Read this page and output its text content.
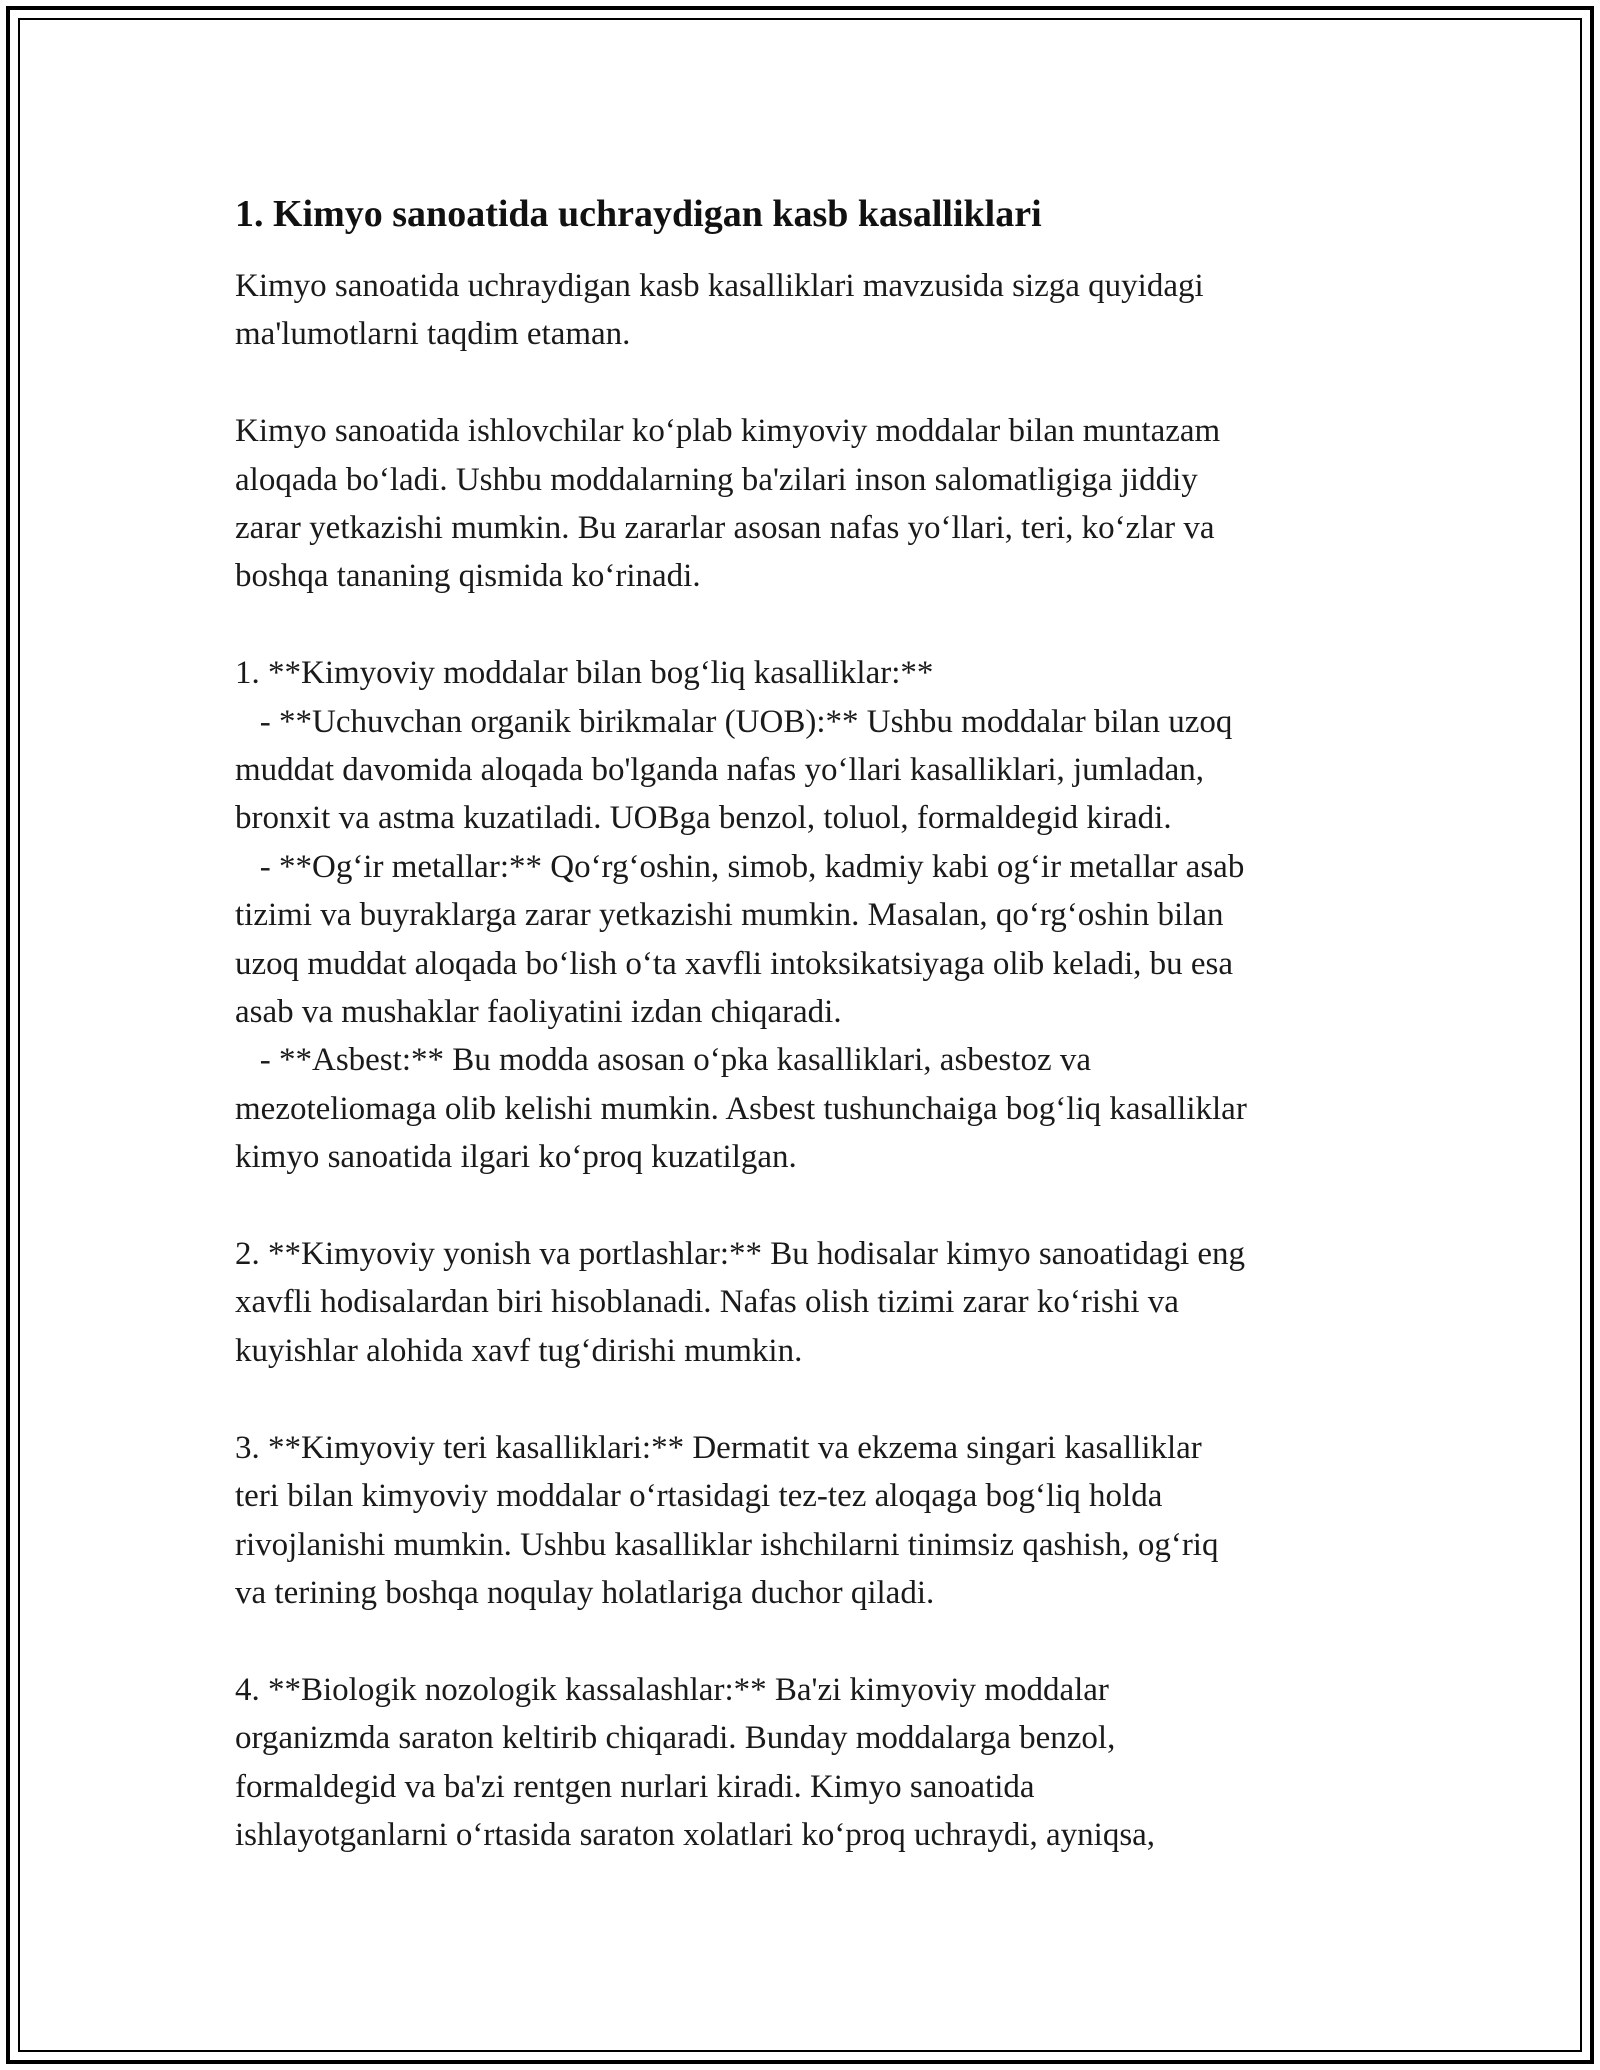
1. Kimyo sanoatida uchraydigan kasb kasalliklari

Kimyo sanoatida uchraydigan kasb kasalliklari mavzusida sizga quyidagi
ma'lumotlarni taqdim etaman.

Kimyo sanoatida ishlovchilar ko‘plab kimyoviy moddalar bilan muntazam
aloqada bo‘ladi. Ushbu moddalarning ba'zilari inson salomatligiga jiddiy
zarar yetkazishi mumkin. Bu zararlar asosan nafas yo‘llari, teri, ko‘zlar va
boshqa tananing qismida ko‘rinadi.

1. **Kimyoviy moddalar bilan bog‘liq kasalliklar:**
- **Uchuvchan organik birikmalar (UOB):** Ushbu moddalar bilan uzoq
muddat davomida aloqada bo'lganda nafas yo‘llari kasalliklari, jumladan,
bronxit va astma kuzatiladi. UOBga benzol, toluol, formaldegid kiradi.
- **Og‘ir metallar:** Qo‘rg‘oshin, simob, kadmiy kabi og‘ir metallar asab
tizimi va buyraklarga zarar yetkazishi mumkin. Masalan, qo‘rg‘oshin bilan
uzoq muddat aloqada bo‘lish o‘ta xavfli intoksikatsiyaga olib keladi, bu esa
asab va mushaklar faoliyatini izdan chiqaradi.
- **Asbest:** Bu modda asosan o‘pka kasalliklari, asbestoz va
mezoteliomaga olib kelishi mumkin. Asbest tushunchaiga bog‘liq kasalliklar
kimyo sanoatida ilgari ko‘proq kuzatilgan.

2. **Kimyoviy yonish va portlashlar:** Bu hodisalar kimyo sanoatidagi eng
xavfli hodisalardan biri hisoblanadi. Nafas olish tizimi zarar ko‘rishi va
kuyishlar alohida xavf tug‘dirishi mumkin.

3. **Kimyoviy teri kasalliklari:** Dermatit va ekzema singari kasalliklar
teri bilan kimyoviy moddalar o‘rtasidagi tez-tez aloqaga bog‘liq holda
rivojlanishi mumkin. Ushbu kasalliklar ishchilarni tinimsiz qashish, og‘riq
va terining boshqa noqulay holatlariga duchor qiladi.

4. **Biologik nozologik kassalashlar:** Ba'zi kimyoviy moddalar
organizmda saraton keltirib chiqaradi. Bunday moddalarga benzol,
formaldegid va ba'zi rentgen nurlari kiradi. Kimyo sanoatida
ishlayotganlarni o‘rtasida saraton xolatlari ko‘proq uchraydi, ayniqsa,
